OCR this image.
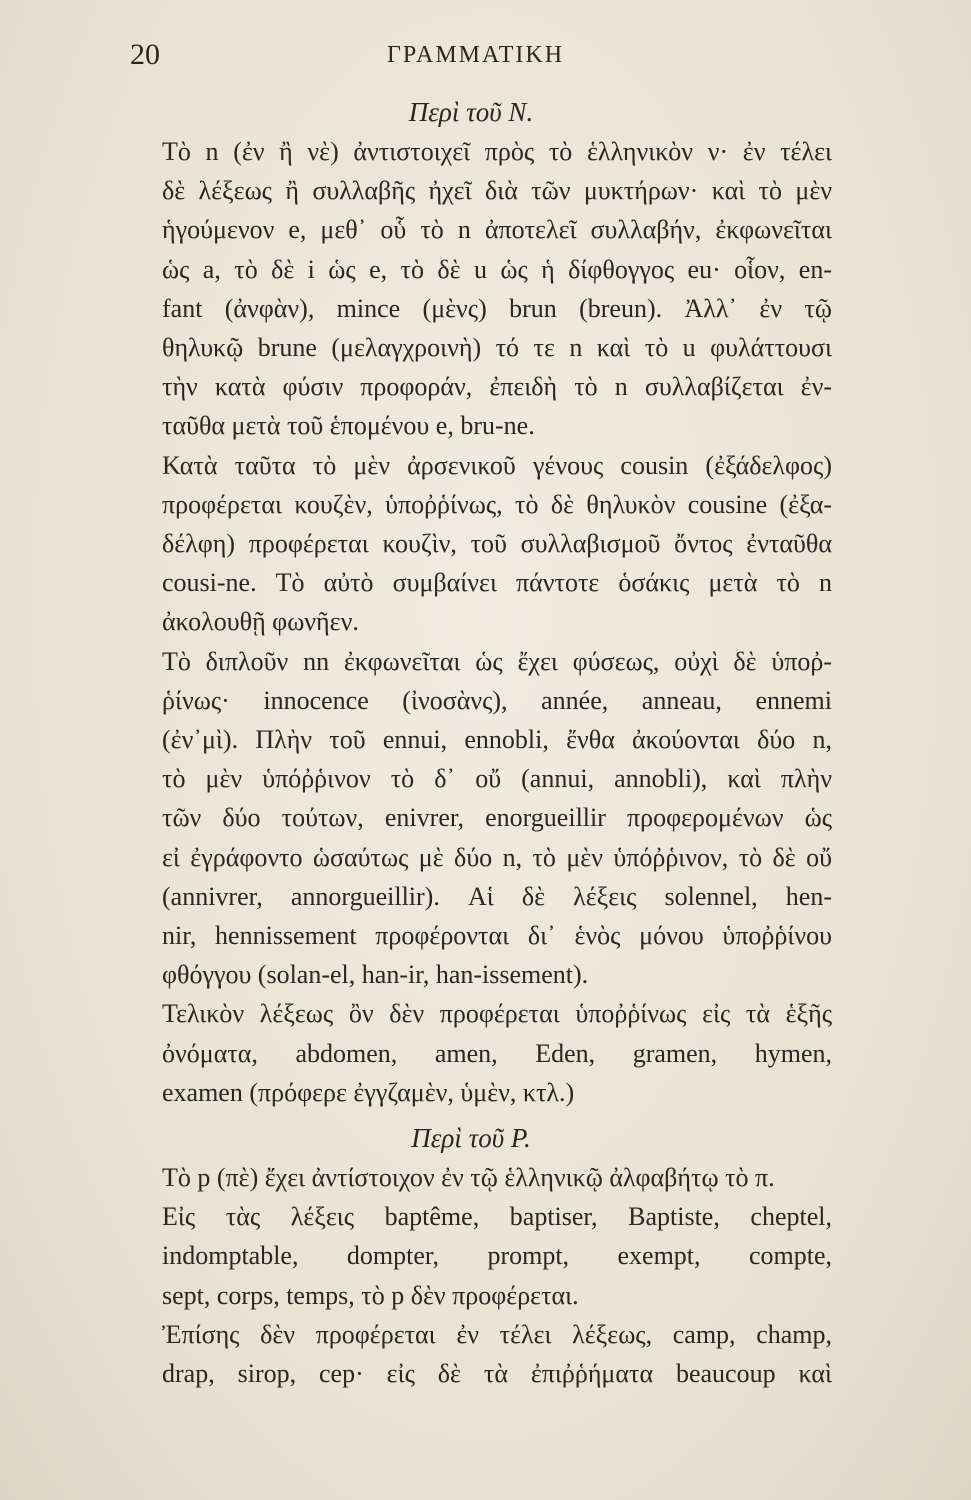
20	ΓΡΑΜΜΑΤΙΚΗ
Περὶ τοῦ N.

Τὸ n (ἐν ἢ νὲ) ἀντιστοιχεῖ πρὸς τὸ ἑλληνικὸν ν· ἐν τέλει
δὲ λέξεως ἢ συλλαβῆς ἠχεῖ διὰ τῶν μυκτήρων· καὶ τὸ μὲν
ἡγούμενον e, μεθ᾽ οὗ τὸ n ἀποτελεῖ συλλαβήν, ἐκφωνεῖται
ὡς a, τὸ δὲ i ὡς e, τὸ δὲ u ὡς ἡ δίφθογγος eu· οἷον, en-
fant (ἀνφὰν), mince (μὲνς) brun (breun). Ἀλλ᾽ ἐν τῷ
θηλυκῷ brune (μελαγχροινὴ) τό τε n καὶ τὸ u φυλάττουσι
τὴν κατὰ φύσιν προφοράν, ἐπειδὴ τὸ n συλλαβίζεται ἐν-
ταῦθα μετὰ τοῦ ἑπομένου e, bru-ne.

Κατὰ ταῦτα τὸ μὲν ἀρσενικοῦ γένους cousin (ἐξάδελφος)
προφέρεται κουζὲν, ὑποῤῥίνως, τὸ δὲ θηλυκὸν cousine (ἐξα-
δέλφη) προφέρεται κουζὶν, τοῦ συλλαβισμοῦ ὄντος ἐνταῦθα
cousi-ne. Τὸ αὐτὸ συμβαίνει πάντοτε ὁσάκις μετὰ τὸ n
ἀκολουθῇ φωνῆεν.

Τὸ διπλοῦν nn ἐκφωνεῖται ὡς ἔχει φύσεως, οὐχὶ δὲ ὑποῤ-
ῥίνως· innocence (ἰνοσὰνς), année, anneau, ennemi
(ἐν᾽μὶ). Πλὴν τοῦ ennui, ennobli, ἔνθα ἀκούονται δύο n,
τὸ μὲν ὑπόῤῥινον τὸ δ᾽ οὔ (annui, annobli), καὶ πλὴν
τῶν δύο τούτων, enivrer, enorgueillir προφερομένων ὡς
εἰ ἐγράφοντο ὡσαύτως μὲ δύο n, τὸ μὲν ὑπόῤῥινον, τὸ δὲ οὔ
(annivrer, annorgueillir). Αἱ δὲ λέξεις solennel, hen-
nir, hennissement προφέρονται δι᾽ ἑνὸς μόνου ὑποῤῥίνου
φθόγγου (solan-el, han-ir, han-issement).

Τελικὸν λέξεως ὂν δὲν προφέρεται ὑποῤῥίνως εἰς τὰ ἑξῆς
ὀνόματα, abdomen, amen, Eden, gramen, hymen,
examen (πρόφερε ἐγγζαμὲν, ὑμὲν, κτλ.)

Περὶ τοῦ P.

Τὸ p (πὲ) ἔχει ἀντίστοιχον ἐν τῷ ἑλληνικῷ ἀλφαβήτῳ τὸ π.

Εἰς τὰς λέξεις baptême, baptiser, Baptiste, cheptel,
indomptable, dompter, prompt, exempt, compte,
sept, corps, temps, τὸ p δὲν προφέρεται.

Ἐπίσης δὲν προφέρεται ἐν τέλει λέξεως, camp, champ,
drap, sirop, cep· εἰς δὲ τὰ ἐπιῤῥήματα beaucoup καὶ
